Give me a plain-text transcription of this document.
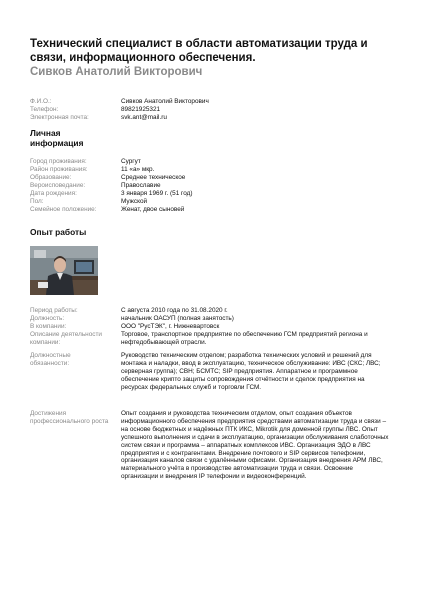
Технический специалист в области автоматизации труда и связи, информационного обеспечения.
Сивков Анатолий Викторович
Ф.И.О.:	Сивков Анатолий Викторович
Телефон:	89821925321
Электронная почта:	svk.ant@mail.ru
Личная информация
Город проживания:	Сургут
Район проживания:	11 «а» мкр.
Образование:	Среднее техническое
Вероисповедание:	Православие
Дата рождения:	3 января 1969 г. (51 год)
Пол:	Мужской
Семейное положение:	Женат, двое сыновей
Опыт работы
Период работы:	С августа 2010 года по 31.08.2020 г.
Должность:	начальник ОАСУП (полная занятость)
В компании:	ООО "РусТЭК", г. Нижневартовск
Описание деятельности компании:
Торговое, транспортное предприятие по обеспечению ГСМ предприятий региона и нефтедобывающей отрасли.
Должностные обязанности:
Руководство техническим отделом; разработка технических условий и решений для монтажа и наладки, ввод в эксплуатацию, техническое обслуживание: ИВС (СКС; ЛВС; серверная группа); СВН; БСМТС; SIP предприятия. Аппаратное и программное обеспечение крипто защиты сопровождения отчётности и сделок предприятия на ресурсах федеральных служб и торговли ГСМ.
Достижения профессионального роста
Опыт создания и руководства техническим отделом, опыт создания объектов информационного обеспечения предприятия средствами автоматизации труда и связи – на основе бюджетных и надёжных ПТК ИКС, Mikrotik для доменной группы ЛВС. Опыт успешного выполнения и сдачи в эксплуатацию, организации обслуживания слаботочных систем связи и программа – аппаратных комплексов ИВС. Организация ЭДО в ЛВС предприятия и с контрагентами. Внедрение почтового и SIP сервисов телефонии, организация каналов связи с удалёнными офисами. Организация внедрения АРМ ЛВС, материального учёта в производстве автоматизации труда и связи. Освоение организации и внедрения IP телефонии и видеоконференций.
